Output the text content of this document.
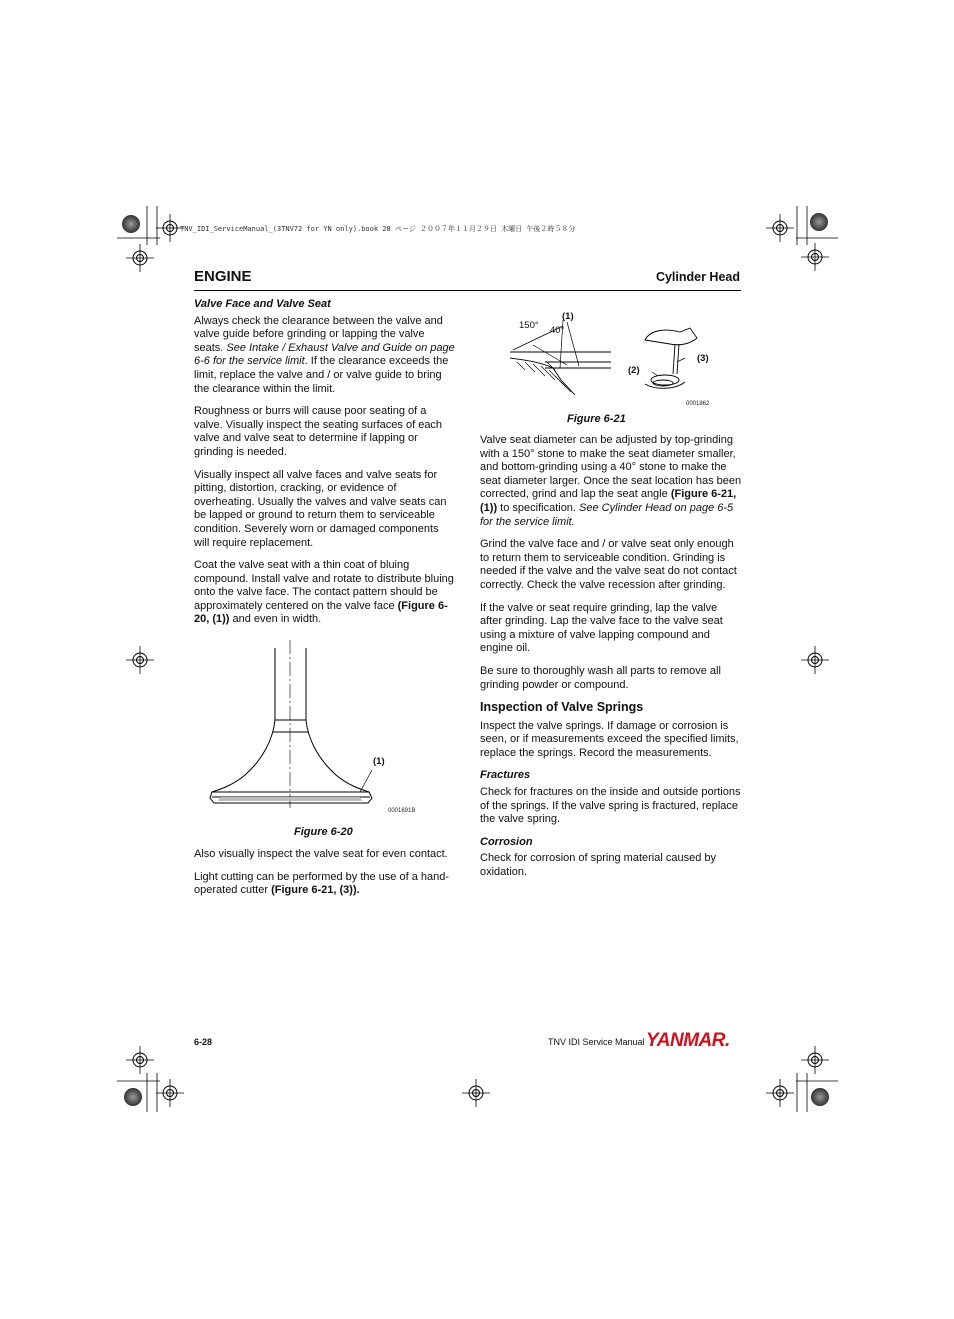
TNV_IDI_ServiceManual_(3TNV72 for YN only).book 28 ページ ２００７年１１月２９日 木曜日 午後２時５８分
ENGINE	Cylinder Head
Valve Face and Valve Seat

Always check the clearance between the valve and valve guide before grinding or lapping the valve seats. See Intake / Exhaust Valve and Guide on page 6-6 for the service limit. If the clearance exceeds the limit, replace the valve and / or valve guide to bring the clearance within the limit.

Roughness or burrs will cause poor seating of a valve. Visually inspect the seating surfaces of each valve and valve seat to determine if lapping or grinding is needed.

Visually inspect all valve faces and valve seats for pitting, distortion, cracking, or evidence of overheating. Usually the valves and valve seats can be lapped or ground to return them to serviceable condition. Severely worn or damaged components will require replacement.

Coat the valve seat with a thin coat of bluing compound. Install valve and rotate to distribute bluing onto the valve face. The contact pattern should be approximately centered on the valve face (Figure 6-20, (1)) and even in width.

(1)
0001691B
Figure 6-20

Also visually inspect the valve seat for even contact.

Light cutting can be performed by the use of a hand-operated cutter (Figure 6-21, (3)).

150° 40°
(1)
(2)
(3)
0001862
Figure 6-21

Valve seat diameter can be adjusted by top-grinding with a 150° stone to make the seat diameter smaller, and bottom-grinding using a 40° stone to make the seat diameter larger. Once the seat location has been corrected, grind and lap the seat angle (Figure 6-21, (1)) to specification. See Cylinder Head on page 6-5 for the service limit.

Grind the valve face and / or valve seat only enough to return them to serviceable condition. Grinding is needed if the valve and the valve seat do not contact correctly. Check the valve recession after grinding.

If the valve or seat require grinding, lap the valve after grinding. Lap the valve face to the valve seat using a mixture of valve lapping compound and engine oil.

Be sure to thoroughly wash all parts to remove all grinding powder or compound.

Inspection of Valve Springs

Inspect the valve springs. If damage or corrosion is seen, or if measurements exceed the specified limits, replace the springs. Record the measurements.

Fractures

Check for fractures on the inside and outside portions of the springs. If the valve spring is fractured, replace the valve spring.

Corrosion

Check for corrosion of spring material caused by oxidation.

6-28	TNV IDI Service Manual YANMAR.
